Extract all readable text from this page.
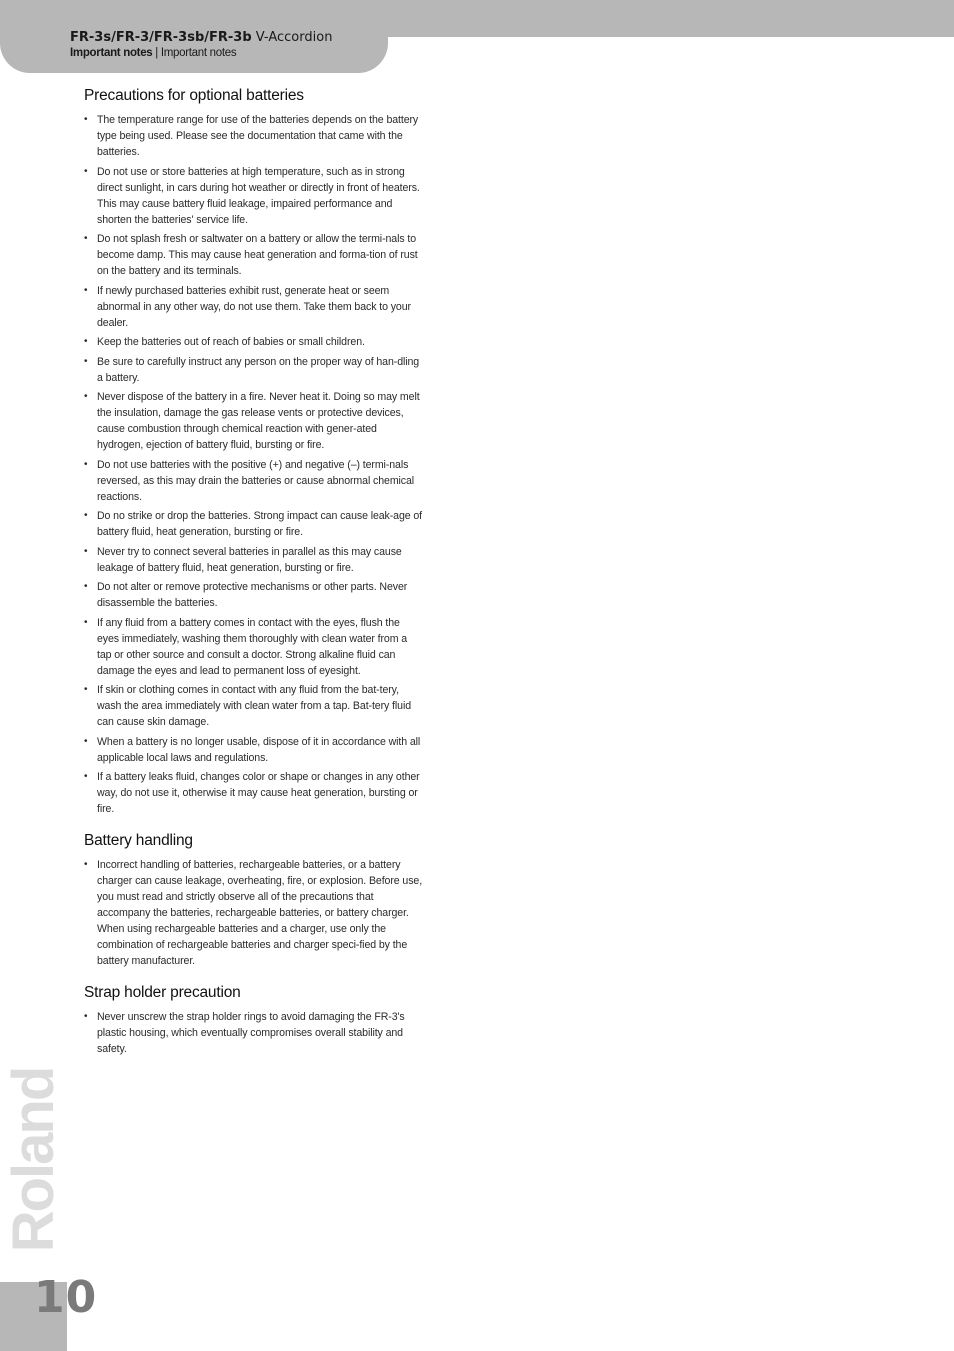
FR-3s/FR-3/FR-3sb/FR-3b V-Accordion
Important notes | Important notes
Precautions for optional batteries
• The temperature range for use of the batteries depends on the battery type being used. Please see the documentation that came with the batteries.
• Do not use or store batteries at high temperature, such as in strong direct sunlight, in cars during hot weather or directly in front of heaters. This may cause battery fluid leakage, impaired performance and shorten the batteries' service life.
• Do not splash fresh or saltwater on a battery or allow the termi-nals to become damp. This may cause heat generation and forma-tion of rust on the battery and its terminals.
• If newly purchased batteries exhibit rust, generate heat or seem abnormal in any other way, do not use them. Take them back to your dealer.
• Keep the batteries out of reach of babies or small children.
• Be sure to carefully instruct any person on the proper way of han-dling a battery.
• Never dispose of the battery in a fire. Never heat it. Doing so may melt the insulation, damage the gas release vents or protective devices, cause combustion through chemical reaction with gener-ated hydrogen, ejection of battery fluid, bursting or fire.
• Do not use batteries with the positive (+) and negative (–) termi-nals reversed, as this may drain the batteries or cause abnormal chemical reactions.
• Do no strike or drop the batteries. Strong impact can cause leak-age of battery fluid, heat generation, bursting or fire.
• Never try to connect several batteries in parallel as this may cause leakage of battery fluid, heat generation, bursting or fire.
• Do not alter or remove protective mechanisms or other parts. Never disassemble the batteries.
• If any fluid from a battery comes in contact with the eyes, flush the eyes immediately, washing them thoroughly with clean water from a tap or other source and consult a doctor. Strong alkaline fluid can damage the eyes and lead to permanent loss of eyesight.
• If skin or clothing comes in contact with any fluid from the bat-tery, wash the area immediately with clean water from a tap. Bat-tery fluid can cause skin damage.
• When a battery is no longer usable, dispose of it in accordance with all applicable local laws and regulations.
• If a battery leaks fluid, changes color or shape or changes in any other way, do not use it, otherwise it may cause heat generation, bursting or fire.
Battery handling
• Incorrect handling of batteries, rechargeable batteries, or a battery charger can cause leakage, overheating, fire, or explosion. Before use, you must read and strictly observe all of the precautions that accompany the batteries, rechargeable batteries, or battery charger. When using rechargeable batteries and a charger, use only the combination of rechargeable batteries and charger speci-fied by the battery manufacturer.
Strap holder precaution
• Never unscrew the strap holder rings to avoid damaging the FR-3's plastic housing, which eventually compromises overall stability and safety.
Roland
10
